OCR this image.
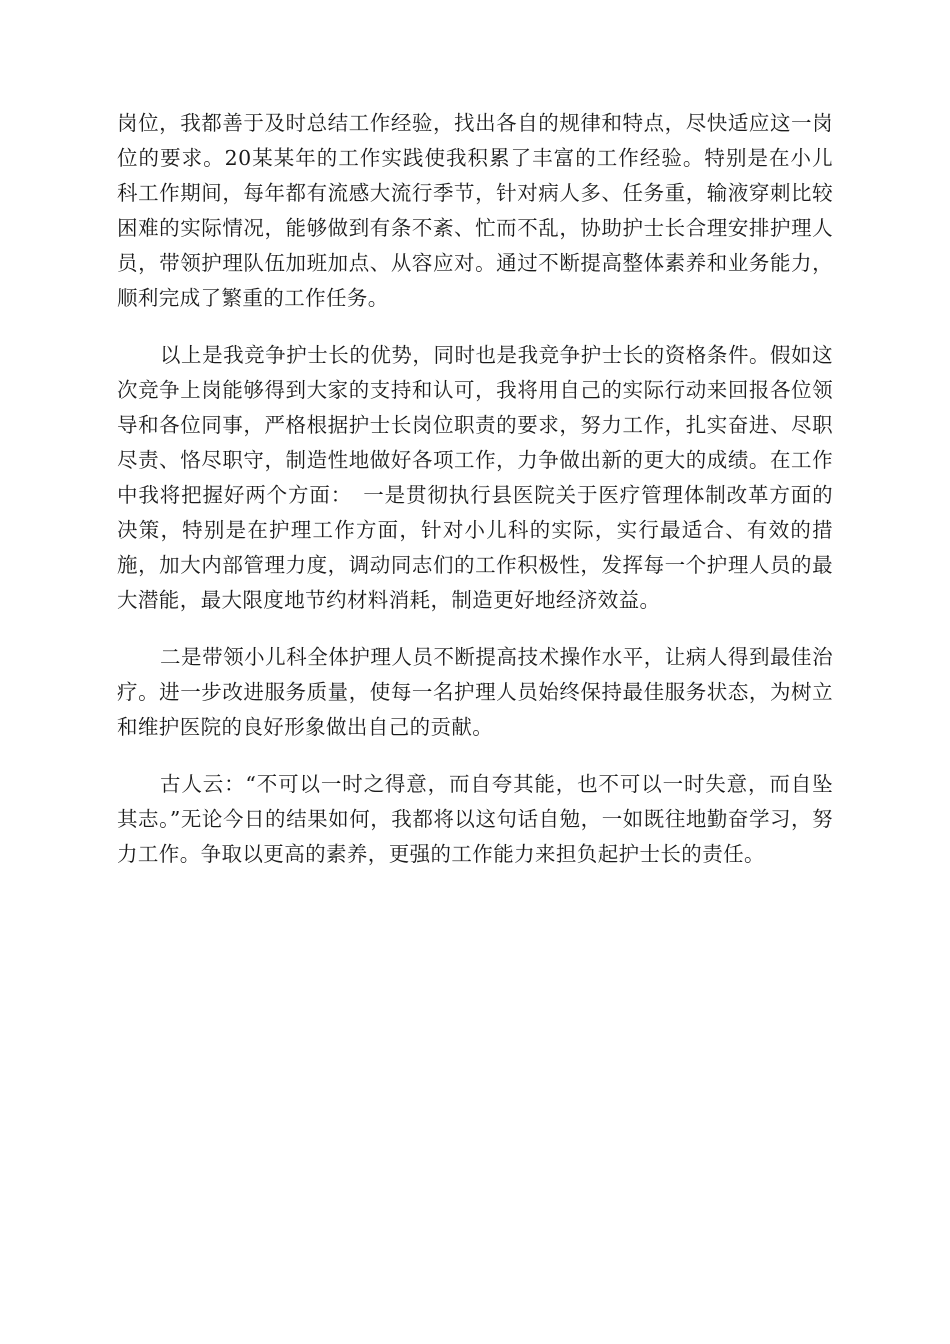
岗位，我都善于及时总结工作经验，找出各自的规律和特点，尽快适应这一岗位的要求。20某某年的工作实践使我积累了丰富的工作经验。特别是在小儿科工作期间，每年都有流感大流行季节，针对病人多、任务重，输液穿刺比较困难的实际情况，能够做到有条不紊、忙而不乱，协助护士长合理安排护理人员，带领护理队伍加班加点、从容应对。通过不断提高整体素养和业务能力，顺利完成了繁重的工作任务。

以上是我竞争护士长的优势，同时也是我竞争护士长的资格条件。假如这次竞争上岗能够得到大家的支持和认可，我将用自己的实际行动来回报各位领导和各位同事，严格根据护士长岗位职责的要求，努力工作，扎实奋进、尽职尽责、恪尽职守，制造性地做好各项工作，力争做出新的更大的成绩。在工作中我将把握好两个方面：　一是贯彻执行县医院关于医疗管理体制改革方面的决策，特别是在护理工作方面，针对小儿科的实际，实行最适合、有效的措施，加大内部管理力度，调动同志们的工作积极性，发挥每一个护理人员的最大潜能，最大限度地节约材料消耗，制造更好地经济效益。

二是带领小儿科全体护理人员不断提高技术操作水平，让病人得到最佳治疗。进一步改进服务质量，使每一名护理人员始终保持最佳服务状态，为树立和维护医院的良好形象做出自己的贡献。

古人云：“不可以一时之得意，而自夸其能，也不可以一时失意，而自坠其志。”无论今日的结果如何，我都将以这句话自勉，一如既往地勤奋学习，努力工作。争取以更高的素养，更强的工作能力来担负起护士长的责任。
